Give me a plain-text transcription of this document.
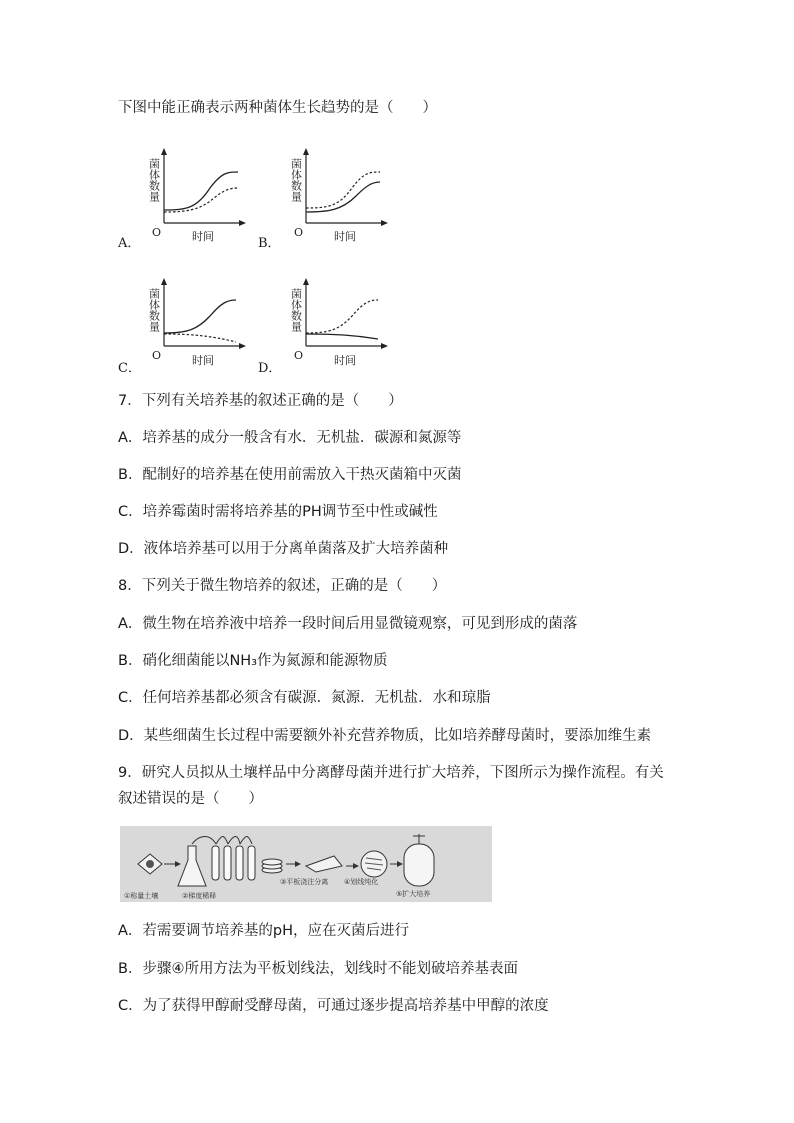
下图中能正确表示两种菌体生长趋势的是（　　）
O	时间
菌体数量
A．
O	时间
菌体数量
B．
O	时间
菌体数量
C．
O	时间
菌体数量
D．
7．下列有关培养基的叙述正确的是（　　）
A．培养基的成分一般含有水．无机盐．碳源和氮源等
B．配制好的培养基在使用前需放入干热灭菌箱中灭菌
C．培养霉菌时需将培养基的PH调节至中性或碱性
D．液体培养基可以用于分离单菌落及扩大培养菌种
8．下列关于微生物培养的叙述，正确的是（　　）
A．微生物在培养液中培养一段时间后用显微镜观察，可见到形成的菌落
B．硝化细菌能以NH₃作为氮源和能源物质
C．任何培养基都必须含有碳源．氮源．无机盐．水和琼脂
D．某些细菌生长过程中需要额外补充营养物质，比如培养酵母菌时，要添加维生素
9．研究人员拟从土壤样品中分离酵母菌并进行扩大培养，下图所示为操作流程。有关叙述错误的是（　　）
①称量土壤	②梯度稀释
③平板浇注分离 ④划线纯化
⑤扩大培养
A．若需要调节培养基的pH，应在灭菌后进行
B．步骤④所用方法为平板划线法，划线时不能划破培养基表面
C．为了获得甲醇耐受酵母菌，可通过逐步提高培养基中甲醇的浓度
